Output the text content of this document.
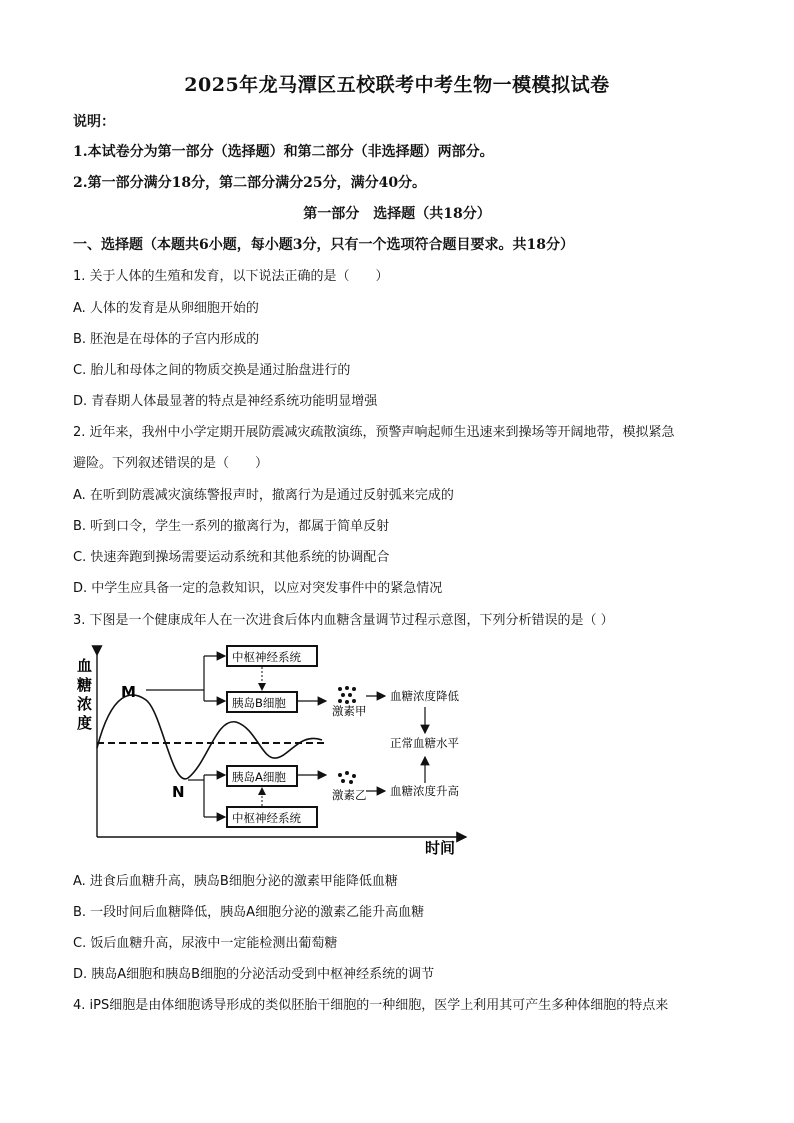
2025年龙马潭区五校联考中考生物一模模拟试卷
说明：
1.本试卷分为第一部分（选择题）和第二部分（非选择题）两部分。
2.第一部分满分18分，第二部分满分25分，满分40分。
第一部分　选择题（共18分）
一、选择题（本题共6小题，每小题3分，只有一个选项符合题目要求。共18分）
1. 关于人体的生殖和发育，以下说法正确的是（　　）
A. 人体的发育是从卵细胞开始的
B. 胚泡是在母体的子宫内形成的
C. 胎儿和母体之间的物质交换是通过胎盘进行的
D. 青春期人体最显著的特点是神经系统功能明显增强
2. 近年来，我州中小学定期开展防震减灾疏散演练，预警声响起师生迅速来到操场等开阔地带，模拟紧急
避险。下列叙述错误的是（　　）
A. 在听到防震减灾演练警报声时，撤离行为是通过反射弧来完成的
B. 听到口令，学生一系列的撤离行为，都属于简单反射
C. 快速奔跑到操场需要运动系统和其他系统的协调配合
D. 中学生应具备一定的急救知识，以应对突发事件中的紧急情况
3. 下图是一个健康成年人在一次进食后体内血糖含量调节过程示意图，下列分析错误的是（ ）
血
糖
浓
度
时间
M
N
中枢神经系统
胰岛B细胞
激素甲
血糖浓度降低
正常血糖水平
血糖浓度升高
胰岛A细胞
中枢神经系统
激素乙
A. 进食后血糖升高，胰岛B细胞分泌的激素甲能降低血糖
B. 一段时间后血糖降低，胰岛A细胞分泌的激素乙能升高血糖
C. 饭后血糖升高，尿液中一定能检测出葡萄糖
D. 胰岛A细胞和胰岛B细胞的分泌活动受到中枢神经系统的调节
4. iPS细胞是由体细胞诱导形成的类似胚胎干细胞的一种细胞，医学上利用其可产生多种体细胞的特点来
